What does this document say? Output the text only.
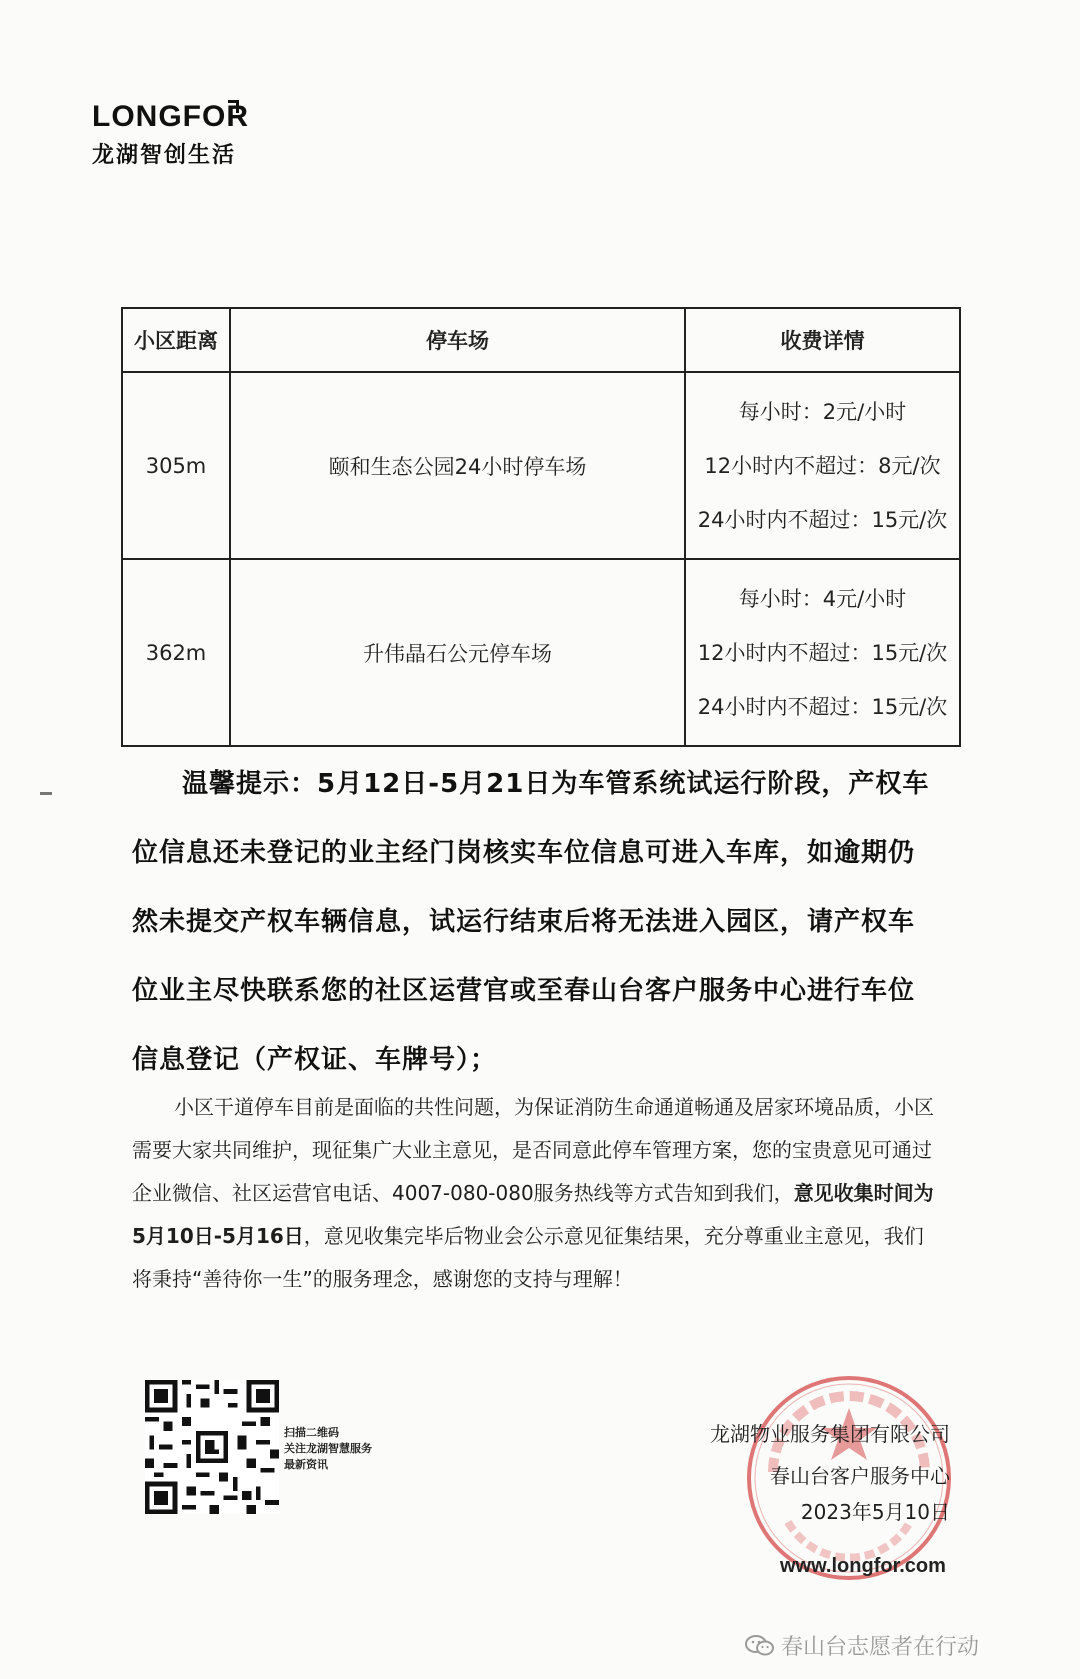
LONGFOR
龙湖智创生活
小区距离	停车场	收费详情
305m	颐和生态公园24小时停车场	每小时：2元/小时
12小时内不超过：8元/次
24小时内不超过：15元/次

362m	升伟晶石公元停车场	每小时：4元/小时
12小时内不超过：15元/次
24小时内不超过：15元/次
温馨提示：5月12日-5月21日为车管系统试运行阶段，产权车位信息还未登记的业主经门岗核实车位信息可进入车库，如逾期仍然未提交产权车辆信息，试运行结束后将无法进入园区，请产权车位业主尽快联系您的社区运营官或至春山台客户服务中心进行车位信息登记（产权证、车牌号）；
小区干道停车目前是面临的共性问题，为保证消防生命通道畅通及居家环境品质，小区需要大家共同维护，现征集广大业主意见，是否同意此停车管理方案，您的宝贵意见可通过企业微信、社区运营官电话、4007-080-080服务热线等方式告知到我们，意见收集时间为5月10日-5月16日，意见收集完毕后物业会公示意见征集结果，充分尊重业主意见，我们将秉持“善待你一生”的服务理念，感谢您的支持与理解！
扫描二维码
关注龙湖智慧服务
最新资讯
龙湖物业服务集团有限公司
春山台客户服务中心
2023年5月10日
www.longfor.com
春山台志愿者在行动
